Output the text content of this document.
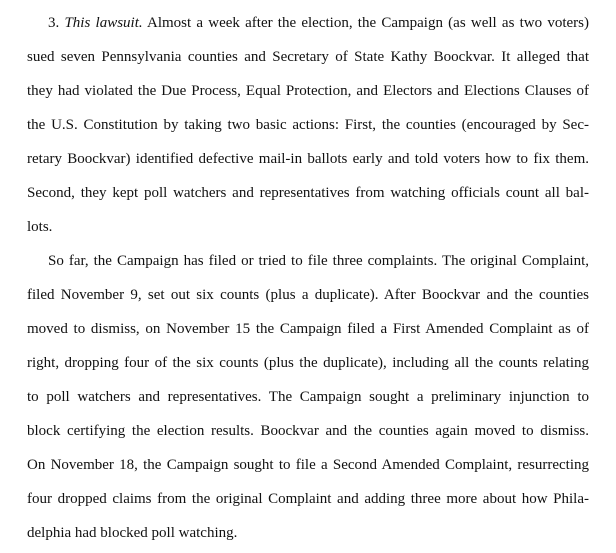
3. This lawsuit. Almost a week after the election, the Campaign (as well as two voters)
sued seven Pennsylvania counties and Secretary of State Kathy Boockvar. It alleged that
they had violated the Due Process, Equal Protection, and Electors and Elections Clauses of
the U.S. Constitution by taking two basic actions: First, the counties (encouraged by Sec-
retary Boockvar) identified defective mail-in ballots early and told voters how to fix them.
Second, they kept poll watchers and representatives from watching officials count all bal-
lots.
So far, the Campaign has filed or tried to file three complaints. The original Complaint,
filed November 9, set out six counts (plus a duplicate). After Boockvar and the counties
moved to dismiss, on November 15 the Campaign filed a First Amended Complaint as of
right, dropping four of the six counts (plus the duplicate), including all the counts relating
to poll watchers and representatives. The Campaign sought a preliminary injunction to
block certifying the election results. Boockvar and the counties again moved to dismiss.
On November 18, the Campaign sought to file a Second Amended Complaint, resurrecting
four dropped claims from the original Complaint and adding three more about how Phila-
delphia had blocked poll watching.
